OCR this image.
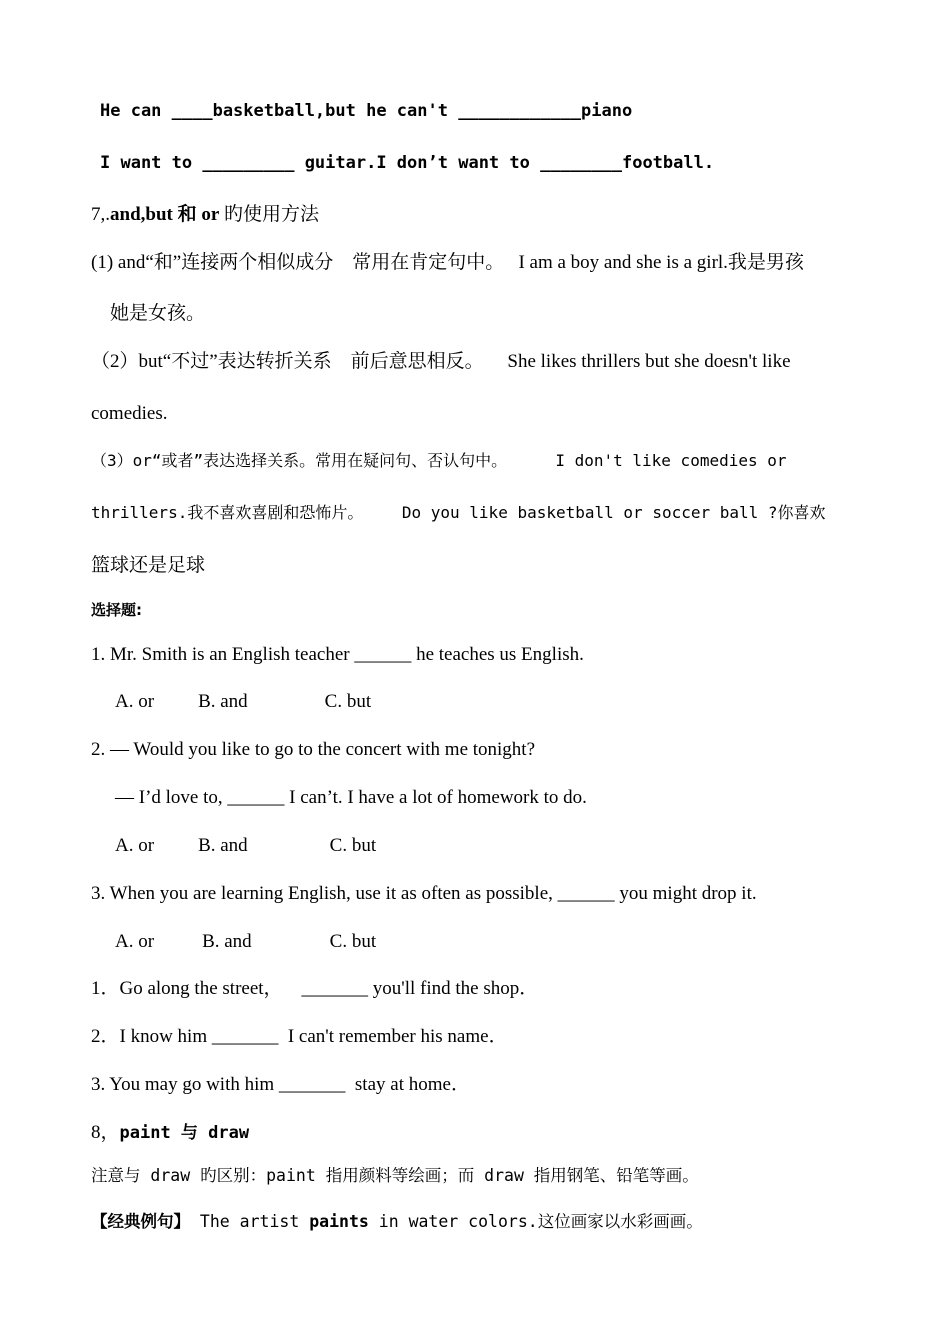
He can ____basketball,but he can't ____________piano
I want to _________ guitar.I don’t want to ________football.
7,.and,but 和 or 旳使用方法
(1) and“和”连接两个相似成分    常用在肯定句中。   I am a boy and she is a girl.我是男孩
她是女孩。
（2）but“不过”表达转折关系    前后意思相反。     She likes thrillers but she doesn't like
comedies.
（3）or“或者”表达选择关系。常用在疑问句、否认句中。     I don't like comedies or
thrillers.我不喜欢喜剧和恐怖片。    Do you like basketball or soccer ball ?你喜欢
篮球还是足球
选择题:
1. Mr. Smith is an English teacher ______ he teaches us English.
A. or B. and	C. but
2. — Would you like to go to the concert with me tonight?
— I’d love to, ______ I can’t. I have a lot of homework to do.
A. or B. and	C. but
3. When you are learning English, use it as often as possible, ______ you might drop it.
A. or	B. and	C. but
1．Go along the street，    _______ you'll find the shop．
2．I know him _______  I can't remember his name．
3. You may go with him _______  stay at home．
8，paint 与 draw
注意与 draw 旳区别：paint 指用颜料等绘画；而 draw 指用钢笔、铅笔等画。
【经典例句】 The artist paints in water colors.这位画家以水彩画画。
